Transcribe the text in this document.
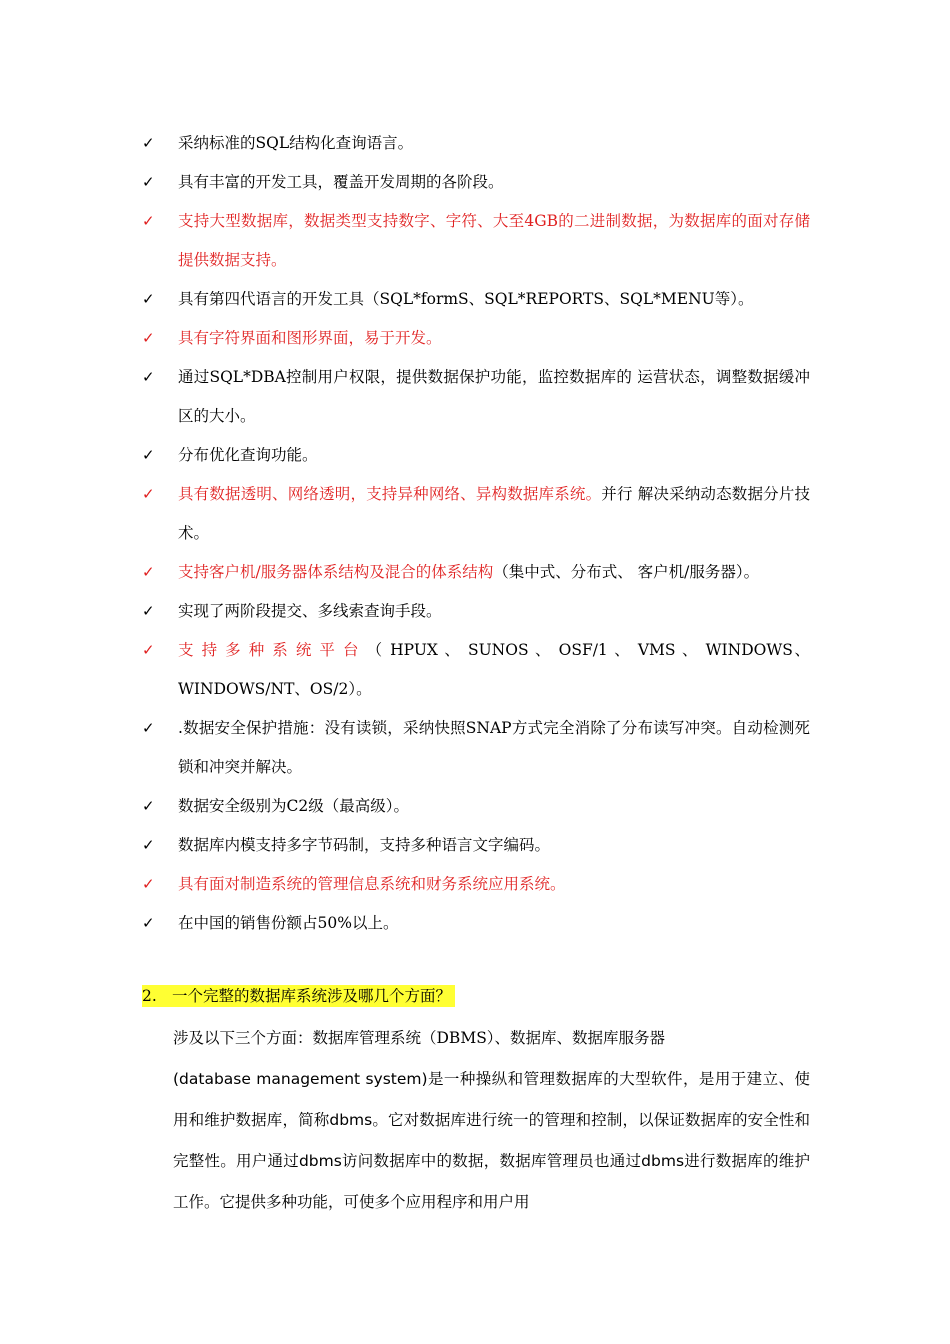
✓	采纳标准的SQL结构化查询语言。
✓	具有丰富的开发工具，覆盖开发周期的各阶段。
✓	支持大型数据库，数据类型支持数字、字符、大至4GB的二进制数据，为数据库的面对存储提供数据支持。
✓	具有第四代语言的开发工具（SQL*formS、SQL*REPORTS、SQL*MENU等）。
✓	具有字符界面和图形界面，易于开发。
✓	通过SQL*DBA控制用户权限，提供数据保护功能，监控数据库的 运营状态，调整数据缓冲区的大小。
✓	分布优化查询功能。
✓	具有数据透明、网络透明，支持异种网络、异构数据库系统。并行 解决采纳动态数据分片技术。
✓	支持客户机/服务器体系结构及混合的体系结构（集中式、分布式、 客户机/服务器）。
✓	实现了两阶段提交、多线索查询手段。
✓	支 持 多 种 系 统 平 台 （ HPUX 、 SUNOS 、 OSF/1 、 VMS 、 WINDOWS、WINDOWS/NT、OS/2）。
✓	.数据安全保护措施：没有读锁，采纳快照SNAP方式完全消除了分布读写冲突。自动检测死锁和冲突并解决。
✓	数据安全级别为C2级（最高级）。
✓	数据库内模支持多字节码制，支持多种语言文字编码。
✓	具有面对制造系统的管理信息系统和财务系统应用系统。
✓	在中国的销售份额占50%以上。
2. 一个完整的数据库系统涉及哪几个方面？
涉及以下三个方面：数据库管理系统（DBMS）、数据库、数据库服务器
(database management system)是一种操纵和管理数据库的大型软件，是用于建立、使用和维护数据库，简称dbms。它对数据库进行统一的管理和控制，以保证数据库的安全性和完整性。用户通过dbms访问数据库中的数据，数据库管理员也通过dbms进行数据库的维护工作。它提供多种功能，可使多个应用程序和用户用
